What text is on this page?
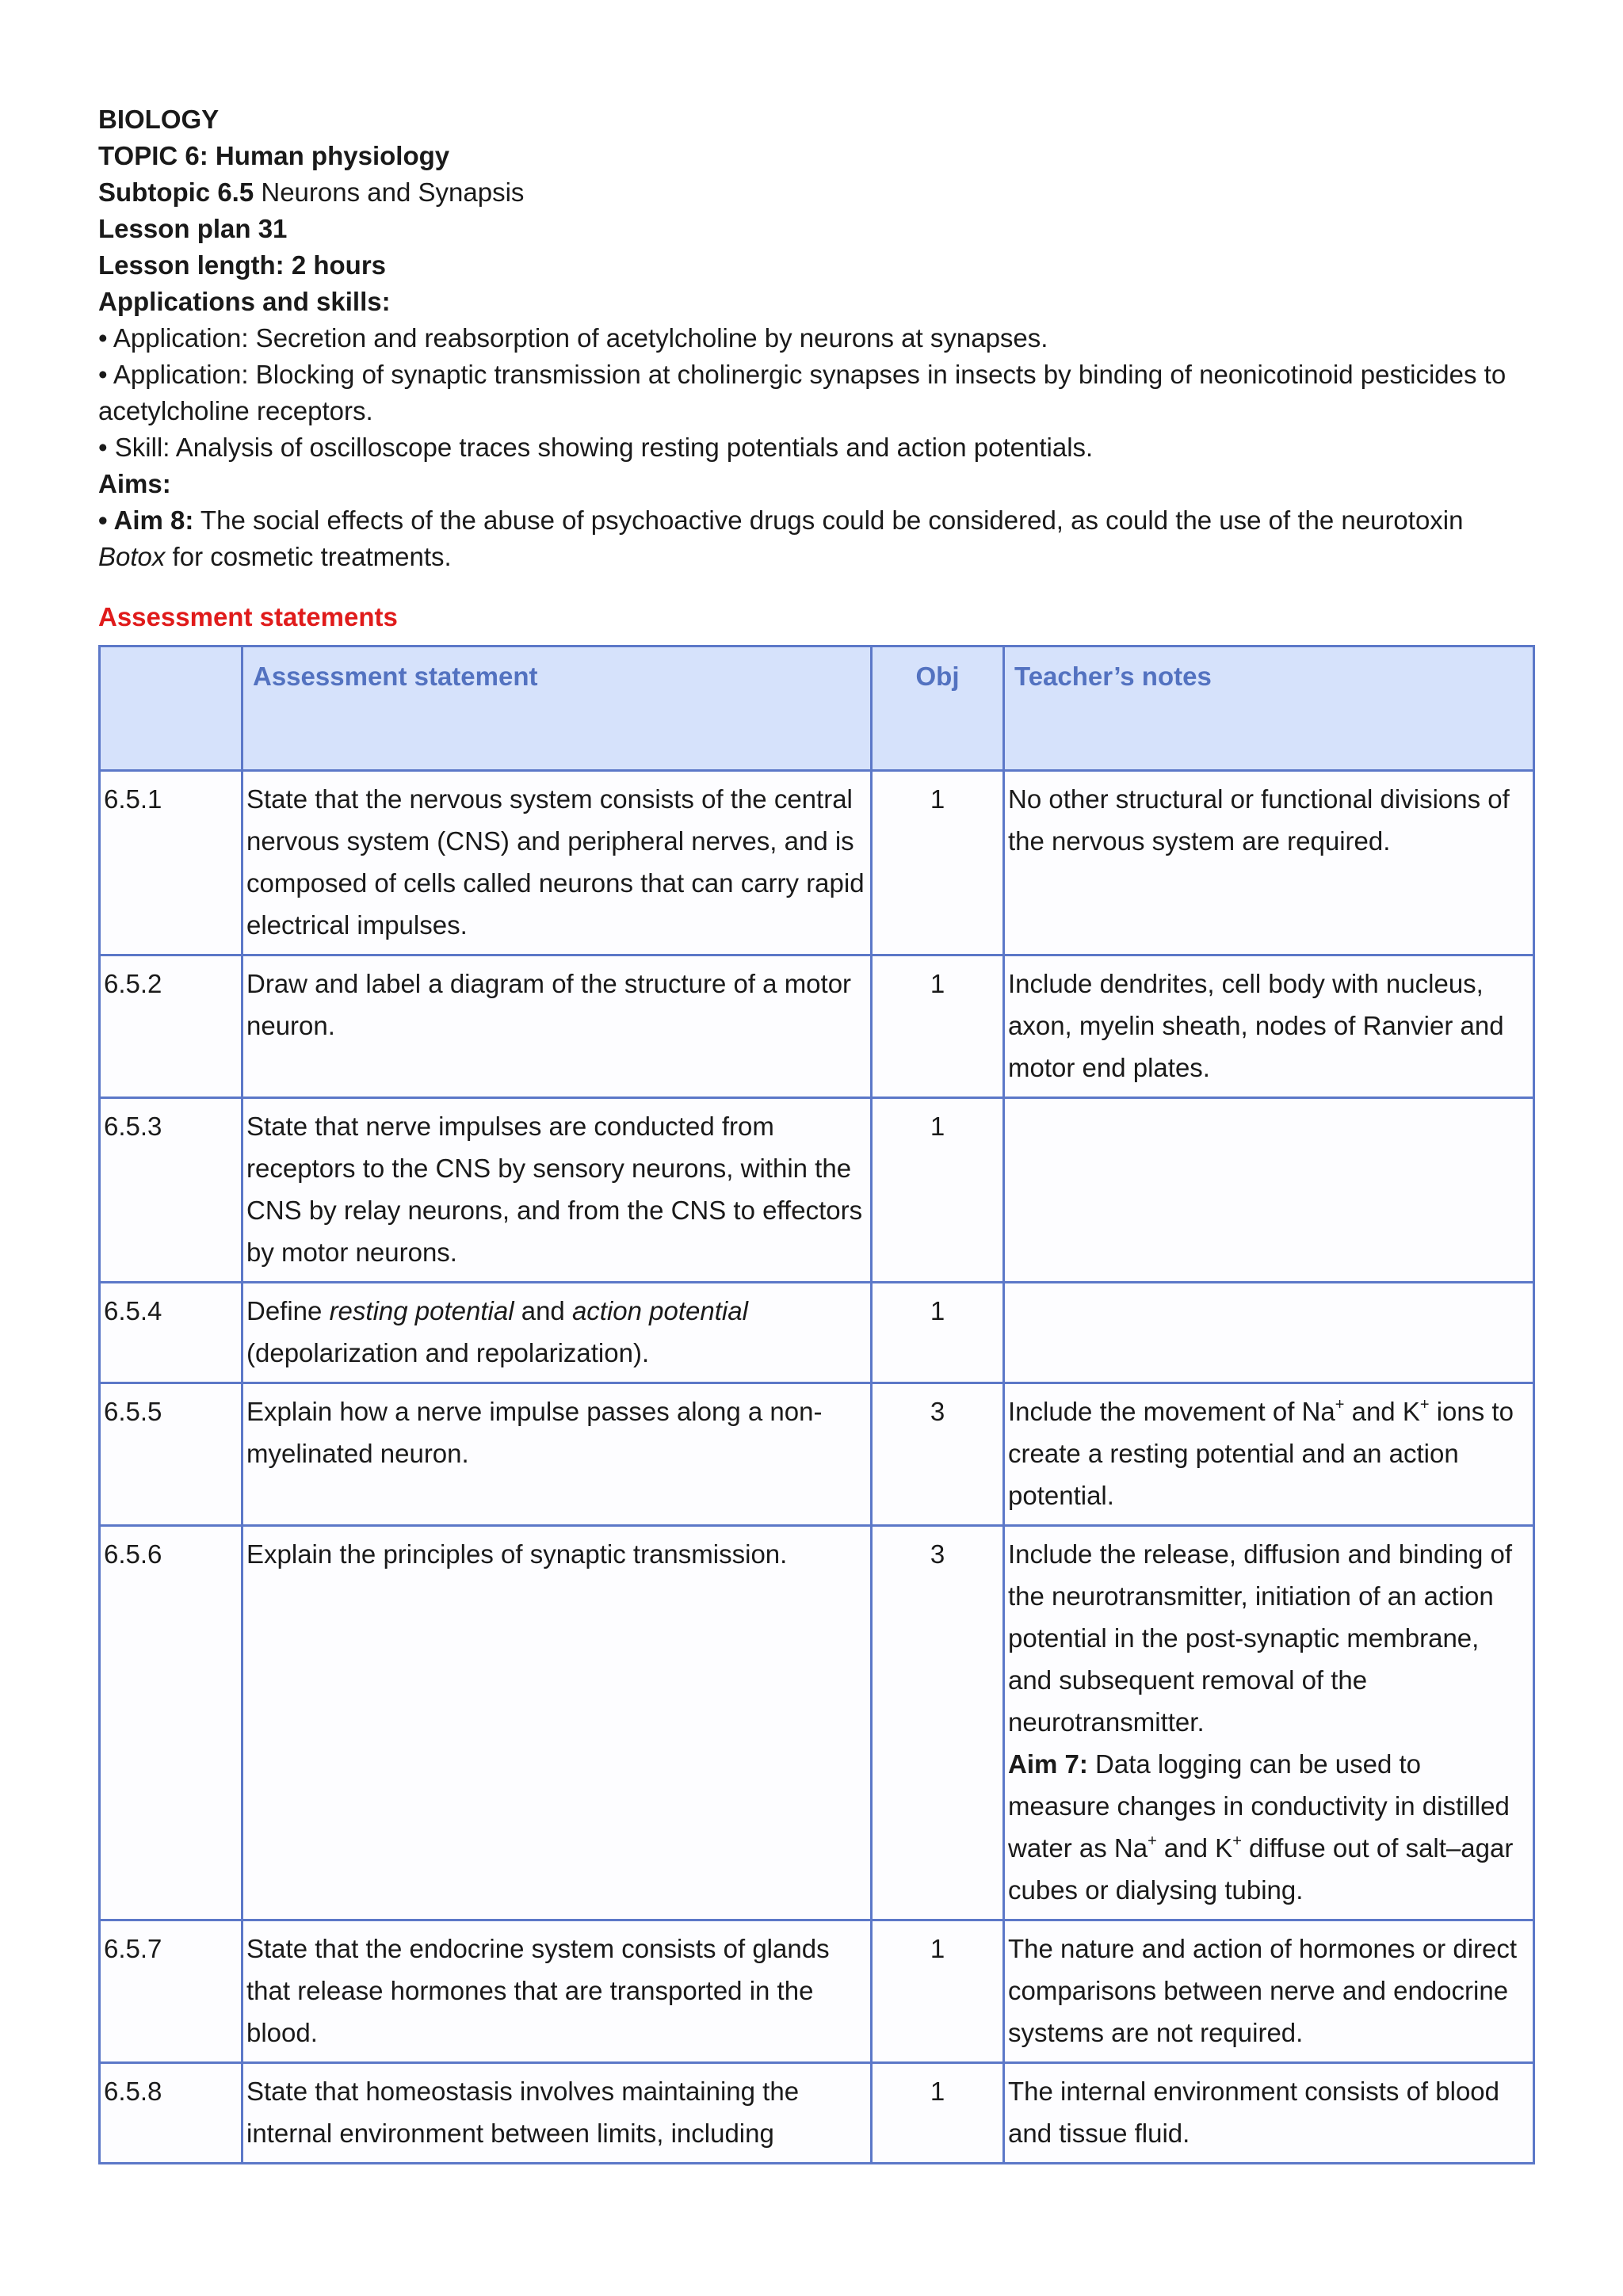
BIOLOGY

TOPIC 6: Human physiology

Subtopic 6.5 Neurons and Synapsis

Lesson plan 31

Lesson length: 2 hours

Applications and skills:

• Application: Secretion and reabsorption of acetylcholine by neurons at synapses.

• Application: Blocking of synaptic transmission at cholinergic synapses in insects by binding of neonicotinoid pesticides to acetylcholine receptors.

• Skill: Analysis of oscilloscope traces showing resting potentials and action potentials.

Aims:

• Aim 8: The social effects of the abuse of psychoactive drugs could be considered, as could the use of the neurotoxin Botox for cosmetic treatments.

Assessment statements
	Assessment statement	Obj	Teacher’s notes
6.5.1	State that the nervous system consists of the central nervous system (CNS) and peripheral nerves, and is composed of cells called neurons that can carry rapid electrical impulses.	1	No other structural or functional divisions of the nervous system are required.
6.5.2	Draw and label a diagram of the structure of a motor neuron.	1	Include dendrites, cell body with nucleus, axon, myelin sheath, nodes of Ranvier and motor end plates.
6.5.3	State that nerve impulses are conducted from receptors to the CNS by sensory neurons, within the CNS by relay neurons, and from the CNS to effectors by motor neurons.	1	
6.5.4	Define resting potential and action potential (depolarization and repolarization).	1	
6.5.5	Explain how a nerve impulse passes along a non-myelinated neuron.	3	Include the movement of Na+ and K+ ions to create a resting potential and an action potential.
6.5.6	Explain the principles of synaptic transmission.	3	Include the release, diffusion and binding of the neurotransmitter, initiation of an action potential in the post-synaptic membrane, and subsequent removal of the neurotransmitter.
Aim 7: Data logging can be used to measure changes in conductivity in distilled water as Na+ and K+ diffuse out of salt–agar cubes or dialysing tubing.
6.5.7	State that the endocrine system consists of glands that release hormones that are transported in the blood.	1	The nature and action of hormones or direct comparisons between nerve and endocrine systems are not required.
6.5.8	State that homeostasis involves maintaining the internal environment between limits, including	1	The internal environment consists of blood and tissue fluid.
